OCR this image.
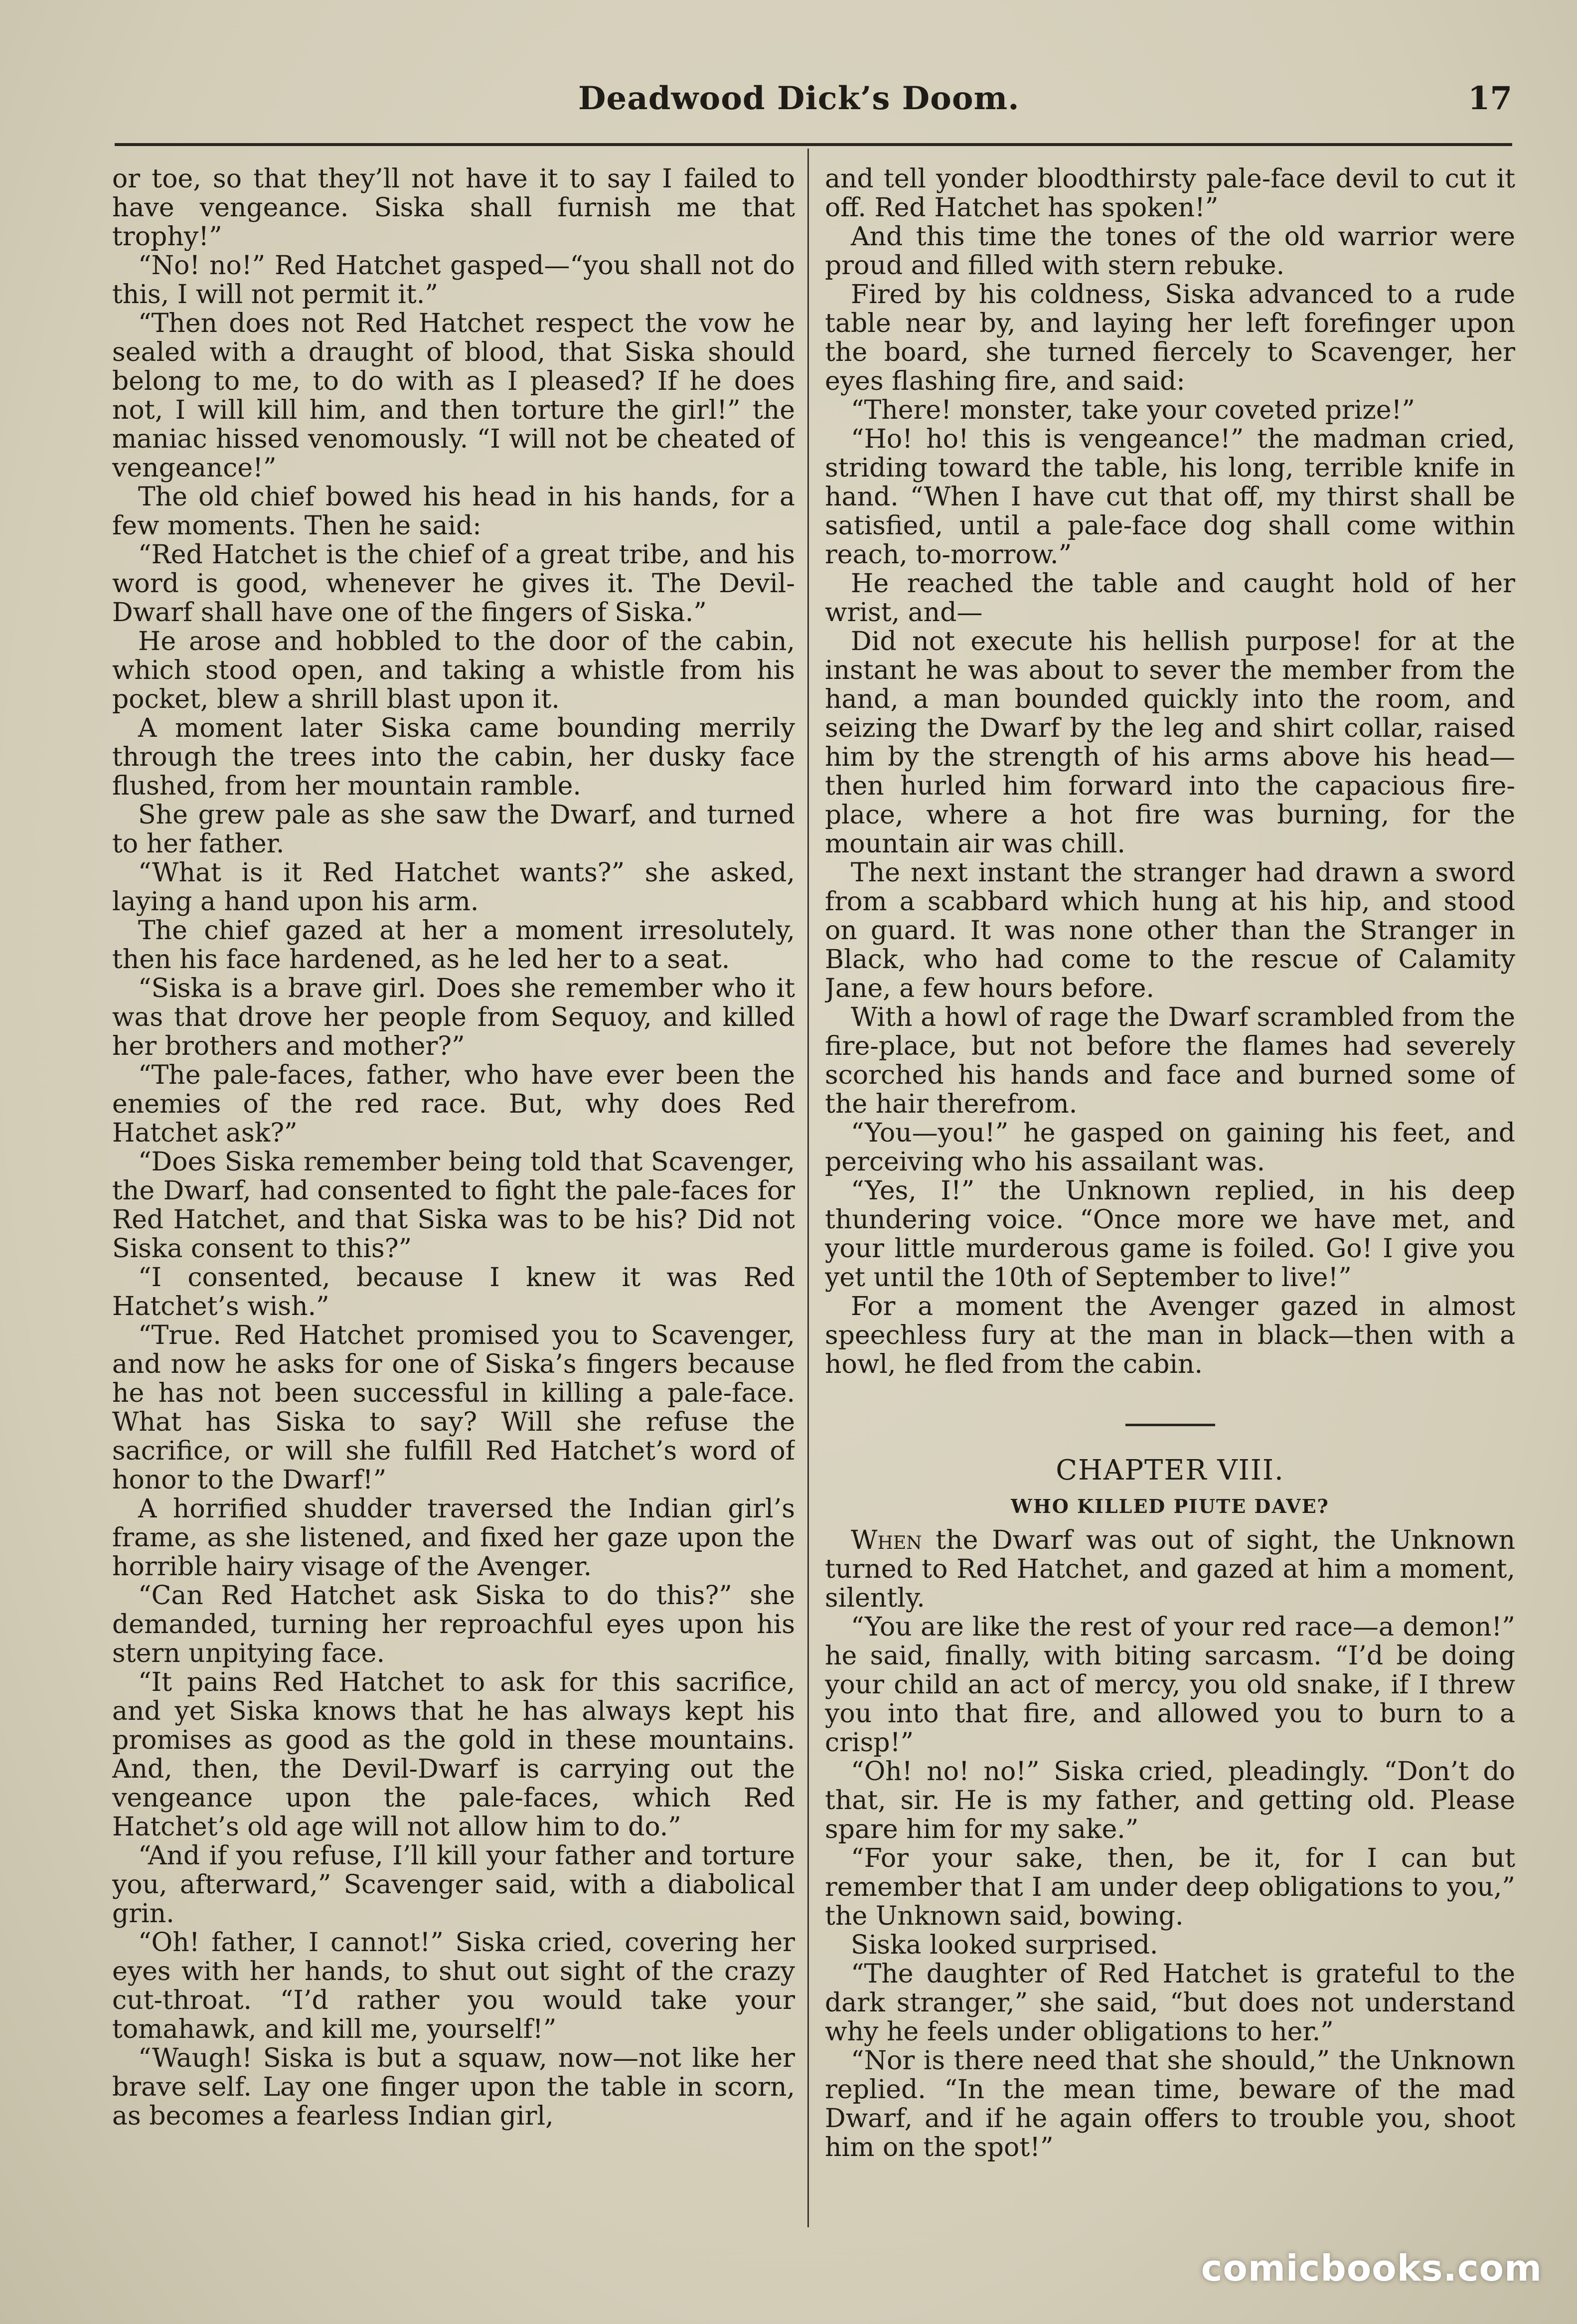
Deadwood Dick’s Doom.	17

or toe, so that they’ll not have it to say I failed to have vengeance. Siska shall furnish me that trophy!”

“No! no!” Red Hatchet gasped—“you shall not do this, I will not permit it.”

“Then does not Red Hatchet respect the vow he sealed with a draught of blood, that Siska should belong to me, to do with as I pleased? If he does not, I will kill him, and then torture the girl!” the maniac hissed venomously. “I will not be cheated of vengeance!”

The old chief bowed his head in his hands, for a few moments. Then he said:

“Red Hatchet is the chief of a great tribe, and his word is good, whenever he gives it. The Devil-Dwarf shall have one of the fingers of Siska.”

He arose and hobbled to the door of the cabin, which stood open, and taking a whistle from his pocket, blew a shrill blast upon it.

A moment later Siska came bounding merrily through the trees into the cabin, her dusky face flushed, from her mountain ramble.

She grew pale as she saw the Dwarf, and turned to her father.

“What is it Red Hatchet wants?” she asked, laying a hand upon his arm.

The chief gazed at her a moment irresolutely, then his face hardened, as he led her to a seat.

“Siska is a brave girl. Does she remember who it was that drove her people from Sequoy, and killed her brothers and mother?”

“The pale-faces, father, who have ever been the enemies of the red race. But, why does Red Hatchet ask?”

“Does Siska remember being told that Scavenger, the Dwarf, had consented to fight the pale-faces for Red Hatchet, and that Siska was to be his? Did not Siska consent to this?”

“I consented, because I knew it was Red Hatchet’s wish.”

“True. Red Hatchet promised you to Scavenger, and now he asks for one of Siska’s fingers because he has not been successful in killing a pale-face. What has Siska to say? Will she refuse the sacrifice, or will she fulfill Red Hatchet’s word of honor to the Dwarf!”

A horrified shudder traversed the Indian girl’s frame, as she listened, and fixed her gaze upon the horrible hairy visage of the Avenger.

“Can Red Hatchet ask Siska to do this?” she demanded, turning her reproachful eyes upon his stern unpitying face.

“It pains Red Hatchet to ask for this sacrifice, and yet Siska knows that he has always kept his promises as good as the gold in these mountains. And, then, the Devil-Dwarf is carrying out the vengeance upon the pale-faces, which Red Hatchet’s old age will not allow him to do.”

“And if you refuse, I’ll kill your father and torture you, afterward,” Scavenger said, with a diabolical grin.

“Oh! father, I cannot!” Siska cried, covering her eyes with her hands, to shut out sight of the crazy cut-throat. “I’d rather you would take your tomahawk, and kill me, yourself!”

“Waugh! Siska is but a squaw, now—not like her brave self. Lay one finger upon the table in scorn, as becomes a fearless Indian girl,

and tell yonder bloodthirsty pale-face devil to cut it off. Red Hatchet has spoken!”

And this time the tones of the old warrior were proud and filled with stern rebuke.

Fired by his coldness, Siska advanced to a rude table near by, and laying her left forefinger upon the board, she turned fiercely to Scavenger, her eyes flashing fire, and said:

“There! monster, take your coveted prize!”

“Ho! ho! this is vengeance!” the madman cried, striding toward the table, his long, terrible knife in hand. “When I have cut that off, my thirst shall be satisfied, until a pale-face dog shall come within reach, to-morrow.”

He reached the table and caught hold of her wrist, and—

Did not execute his hellish purpose! for at the instant he was about to sever the member from the hand, a man bounded quickly into the room, and seizing the Dwarf by the leg and shirt collar, raised him by the strength of his arms above his head—then hurled him forward into the capacious fire-place, where a hot fire was burning, for the mountain air was chill.

The next instant the stranger had drawn a sword from a scabbard which hung at his hip, and stood on guard. It was none other than the Stranger in Black, who had come to the rescue of Calamity Jane, a few hours before.

With a howl of rage the Dwarf scrambled from the fire-place, but not before the flames had severely scorched his hands and face and burned some of the hair therefrom.

“You—you!” he gasped on gaining his feet, and perceiving who his assailant was.

“Yes, I!” the Unknown replied, in his deep thundering voice. “Once more we have met, and your little murderous game is foiled. Go! I give you yet until the 10th of September to live!”

For a moment the Avenger gazed in almost speechless fury at the man in black—then with a howl, he fled from the cabin.

CHAPTER VIII.
WHO KILLED PIUTE DAVE?

When the Dwarf was out of sight, the Unknown turned to Red Hatchet, and gazed at him a moment, silently.

“You are like the rest of your red race—a demon!” he said, finally, with biting sarcasm. “I’d be doing your child an act of mercy, you old snake, if I threw you into that fire, and allowed you to burn to a crisp!”

“Oh! no! no!” Siska cried, pleadingly. “Don’t do that, sir. He is my father, and getting old. Please spare him for my sake.”

“For your sake, then, be it, for I can but remember that I am under deep obligations to you,” the Unknown said, bowing.

Siska looked surprised.

“The daughter of Red Hatchet is grateful to the dark stranger,” she said, “but does not understand why he feels under obligations to her.”

“Nor is there need that she should,” the Unknown replied. “In the mean time, beware of the mad Dwarf, and if he again offers to trouble you, shoot him on the spot!”

comicbooks.com
